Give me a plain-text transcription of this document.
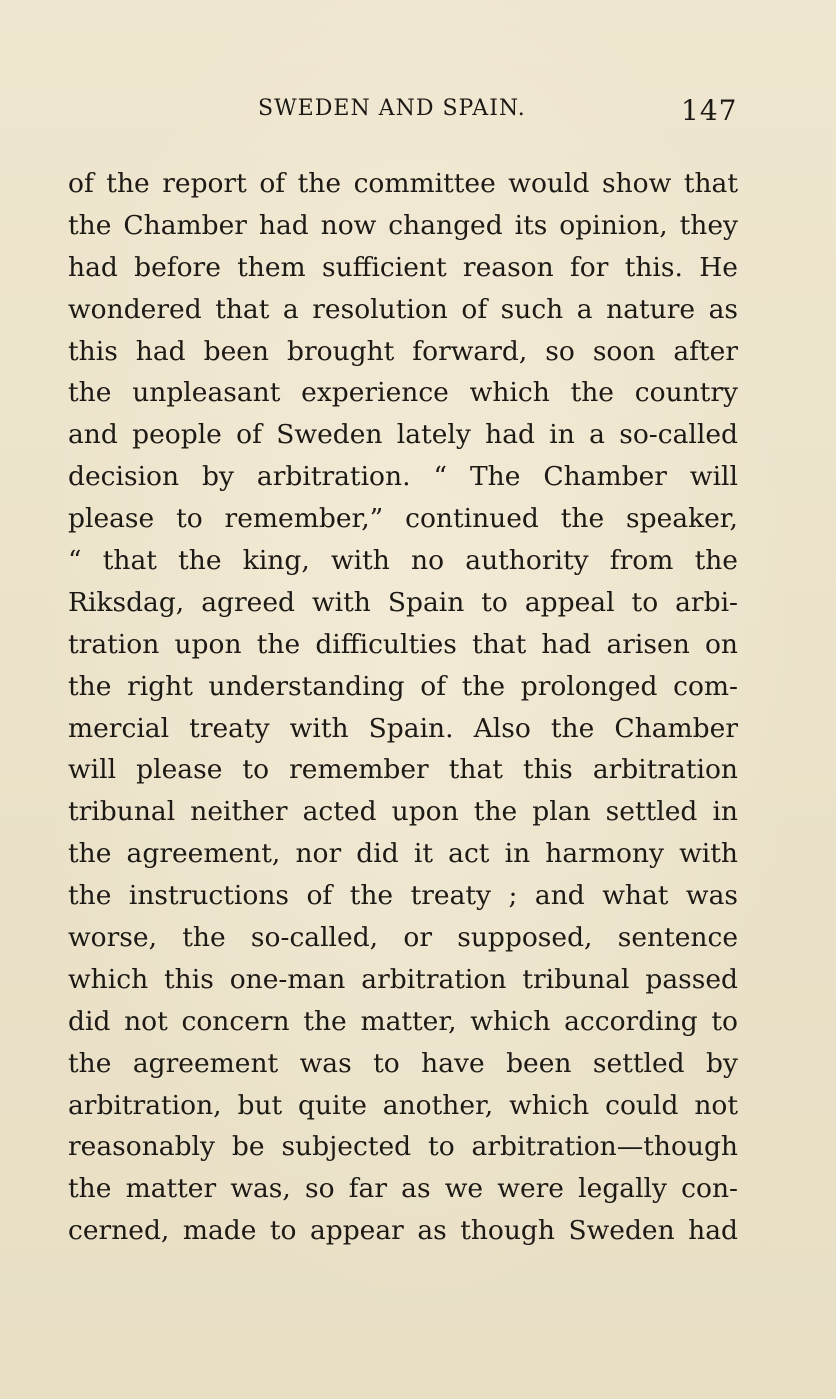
SWEDEN AND SPAIN.	147
of the report of the committee would show that
the Chamber had now changed its opinion, they
had before them sufficient reason for this. He
wondered that a resolution of such a nature as
this had been brought forward, so soon after
the unpleasant experience which the country
and people of Sweden lately had in a so-called
decision by arbitration. “ The Chamber will
please to remember,” continued the speaker,
“ that the king, with no authority from the
Riksdag, agreed with Spain to appeal to arbi-
tration upon the difficulties that had arisen on
the right understanding of the prolonged com-
mercial treaty with Spain. Also the Chamber
will please to remember that this arbitration
tribunal neither acted upon the plan settled in
the agreement, nor did it act in harmony with
the instructions of the treaty ; and what was
worse, the so-called, or supposed, sentence
which this one-man arbitration tribunal passed
did not concern the matter, which according to
the agreement was to have been settled by
arbitration, but quite another, which could not
reasonably be subjected to arbitration—though
the matter was, so far as we were legally con-
cerned, made to appear as though Sweden had
